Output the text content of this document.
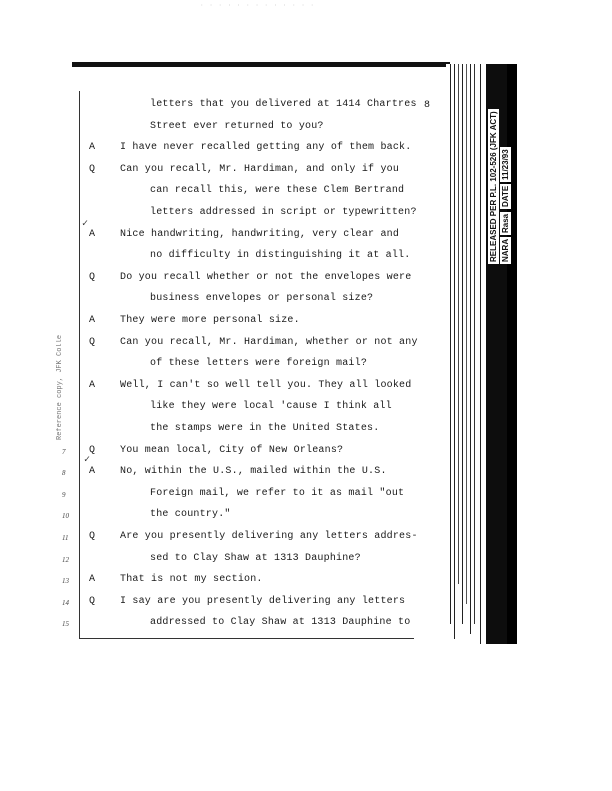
· · · · · · · · · · · · ·
8
Reference copy, JFK Colle
✓
✓
letters that you delivered at 1414 Chartres
Street ever returned to you?
A I have never recalled getting any of them back.
Q Can you recall, Mr. Hardiman, and only if you
can recall this, were these Clem Bertrand
letters addressed in script or typewritten?
A Nice handwriting, handwriting, very clear and
no difficulty in distinguishing it at all.
Q Do you recall whether or not the envelopes were
business envelopes or personal size?
A They were more personal size.
Q Can you recall, Mr. Hardiman, whether or not any
of these letters were foreign mail?
A Well, I can't so well tell you. They all looked
like they were local 'cause I think all
the stamps were in the United States.
7	Q You mean local, City of New Orleans?
8	A No, within the U.S., mailed within the U.S.
9	Foreign mail, we refer to it as mail "out
10	the country."
11	Q Are you presently delivering any letters addres-
12	sed to Clay Shaw at 1313 Dauphine?
13	A That is not my section.
14	Q I say are you presently delivering any letters
15	addressed to Clay Shaw at 1313 Dauphine to
RELEASED PER P.L. 102-526 (JFK ACT) NARA Rasa DATE 11/23/93
